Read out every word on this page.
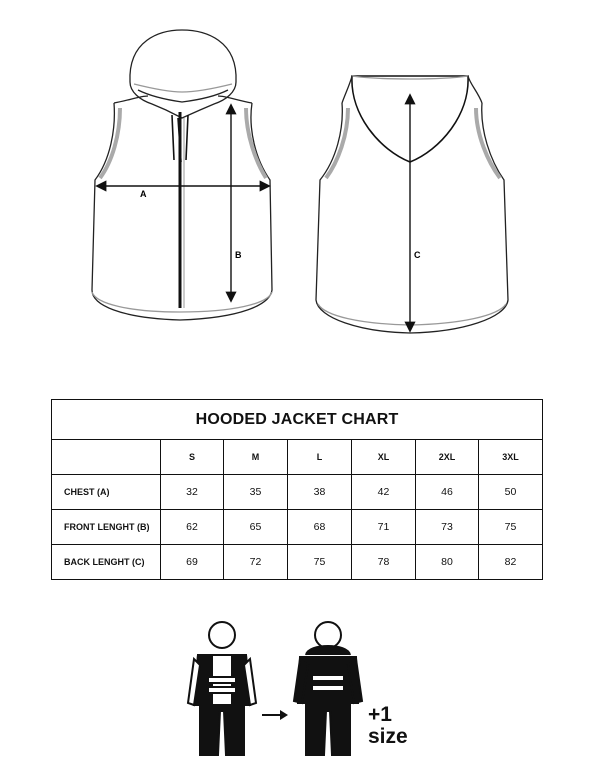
A
B	C
HOODED JACKET CHART						
	S	M	L	XL	2XL	3XL
CHEST (A)	32	35	38	42	46	50
FRONT LENGHT (B)	62	65	68	71	73	75
BACK LENGHT (C)	69	72	75	78	80	82
+1
size
